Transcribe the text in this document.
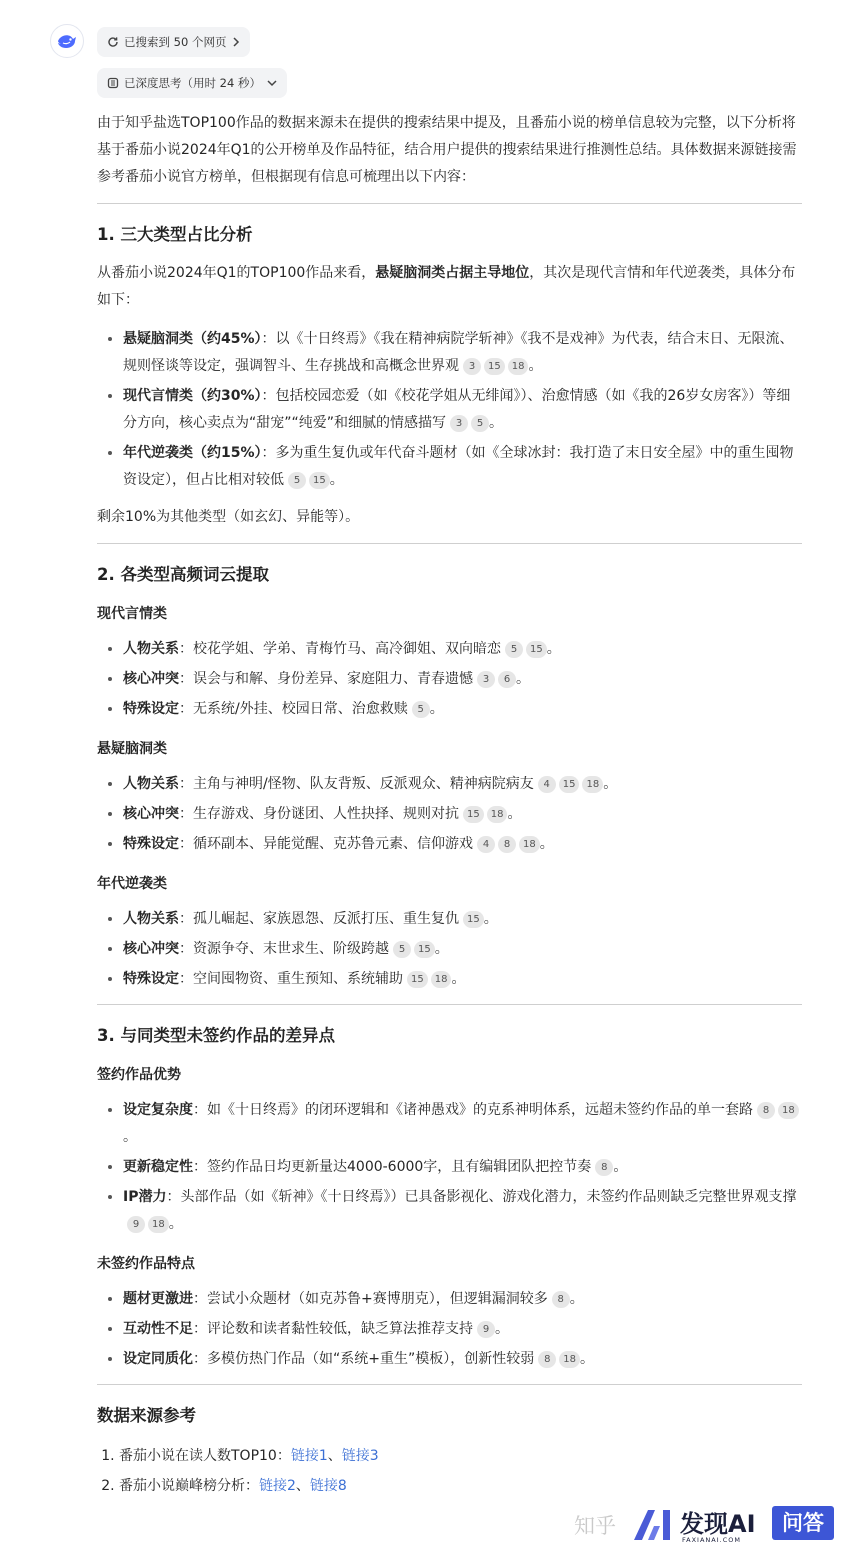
已搜索到 50 个网页
已深度思考（用时 24 秒）

由于知乎盐选TOP100作品的数据来源未在提供的搜索结果中提及，且番茄小说的榜单信息较为完整，以下分析将基于番茄小说2024年Q1的公开榜单及作品特征，结合用户提供的搜索结果进行推测性总结。具体数据来源链接需参考番茄小说官方榜单，但根据现有信息可梳理出以下内容：

1. 三大类型占比分析

从番茄小说2024年Q1的TOP100作品来看，悬疑脑洞类占据主导地位，其次是现代言情和年代逆袭类，具体分布如下：

• 悬疑脑洞类（约45%）：以《十日终焉》《我在精神病院学斩神》《我不是戏神》为代表，结合末日、无限流、规则怪谈等设定，强调智斗、生存挑战和高概念世界观 3 15 18 。
• 现代言情类（约30%）：包括校园恋爱（如《校花学姐从无绯闻》）、治愈情感（如《我的26岁女房客》）等细分方向，核心卖点为“甜宠”“纯爱”和细腻的情感描写 3 5 。
• 年代逆袭类（约15%）：多为重生复仇或年代奋斗题材（如《全球冰封：我打造了末日安全屋》中的重生囤物资设定），但占比相对较低 5 15 。

剩余10%为其他类型（如玄幻、异能等）。

2. 各类型高频词云提取
现代言情类
• 人物关系：校花学姐、学弟、青梅竹马、高冷御姐、双向暗恋 5 15 。
• 核心冲突：误会与和解、身份差异、家庭阻力、青春遗憾 3 6 。
• 特殊设定：无系统/外挂、校园日常、治愈救赎 5 。
悬疑脑洞类
• 人物关系：主角与神明/怪物、队友背叛、反派观众、精神病院病友 4 15 18 。
• 核心冲突：生存游戏、身份谜团、人性抉择、规则对抗 15 18 。
• 特殊设定：循环副本、异能觉醒、克苏鲁元素、信仰游戏 4 8 18 。
年代逆袭类
• 人物关系：孤儿崛起、家族恩怨、反派打压、重生复仇 15 。
• 核心冲突：资源争夺、末世求生、阶级跨越 5 15 。
• 特殊设定：空间囤物资、重生预知、系统辅助 15 18 。
3. 与同类型未签约作品的差异点
签约作品优势
• 设定复杂度：如《十日终焉》的闭环逻辑和《诸神愚戏》的克系神明体系，远超未签约作品的单一套路 8 18。
• 更新稳定性：签约作品日均更新量达4000-6000字，且有编辑团队把控节奏 8 。
• IP潜力：头部作品（如《斩神》《十日终焉》）已具备影视化、游戏化潜力，未签约作品则缺乏完整世界观支撑9 18 。
未签约作品特点
• 题材更激进：尝试小众题材（如克苏鲁+赛博朋克），但逻辑漏洞较多 8 。
• 互动性不足：评论数和读者黏性较低，缺乏算法推荐支持 9 。
• 设定同质化：多模仿热门作品（如“系统+重生”模板），创新性较弱 8 18 。
数据来源参考
1. 番茄小说在读人数TOP10：链接1、链接3
2. 番茄小说巅峰榜分析：链接2、链接8
知乎	发现AI
FAXIANAI.COM
问答
